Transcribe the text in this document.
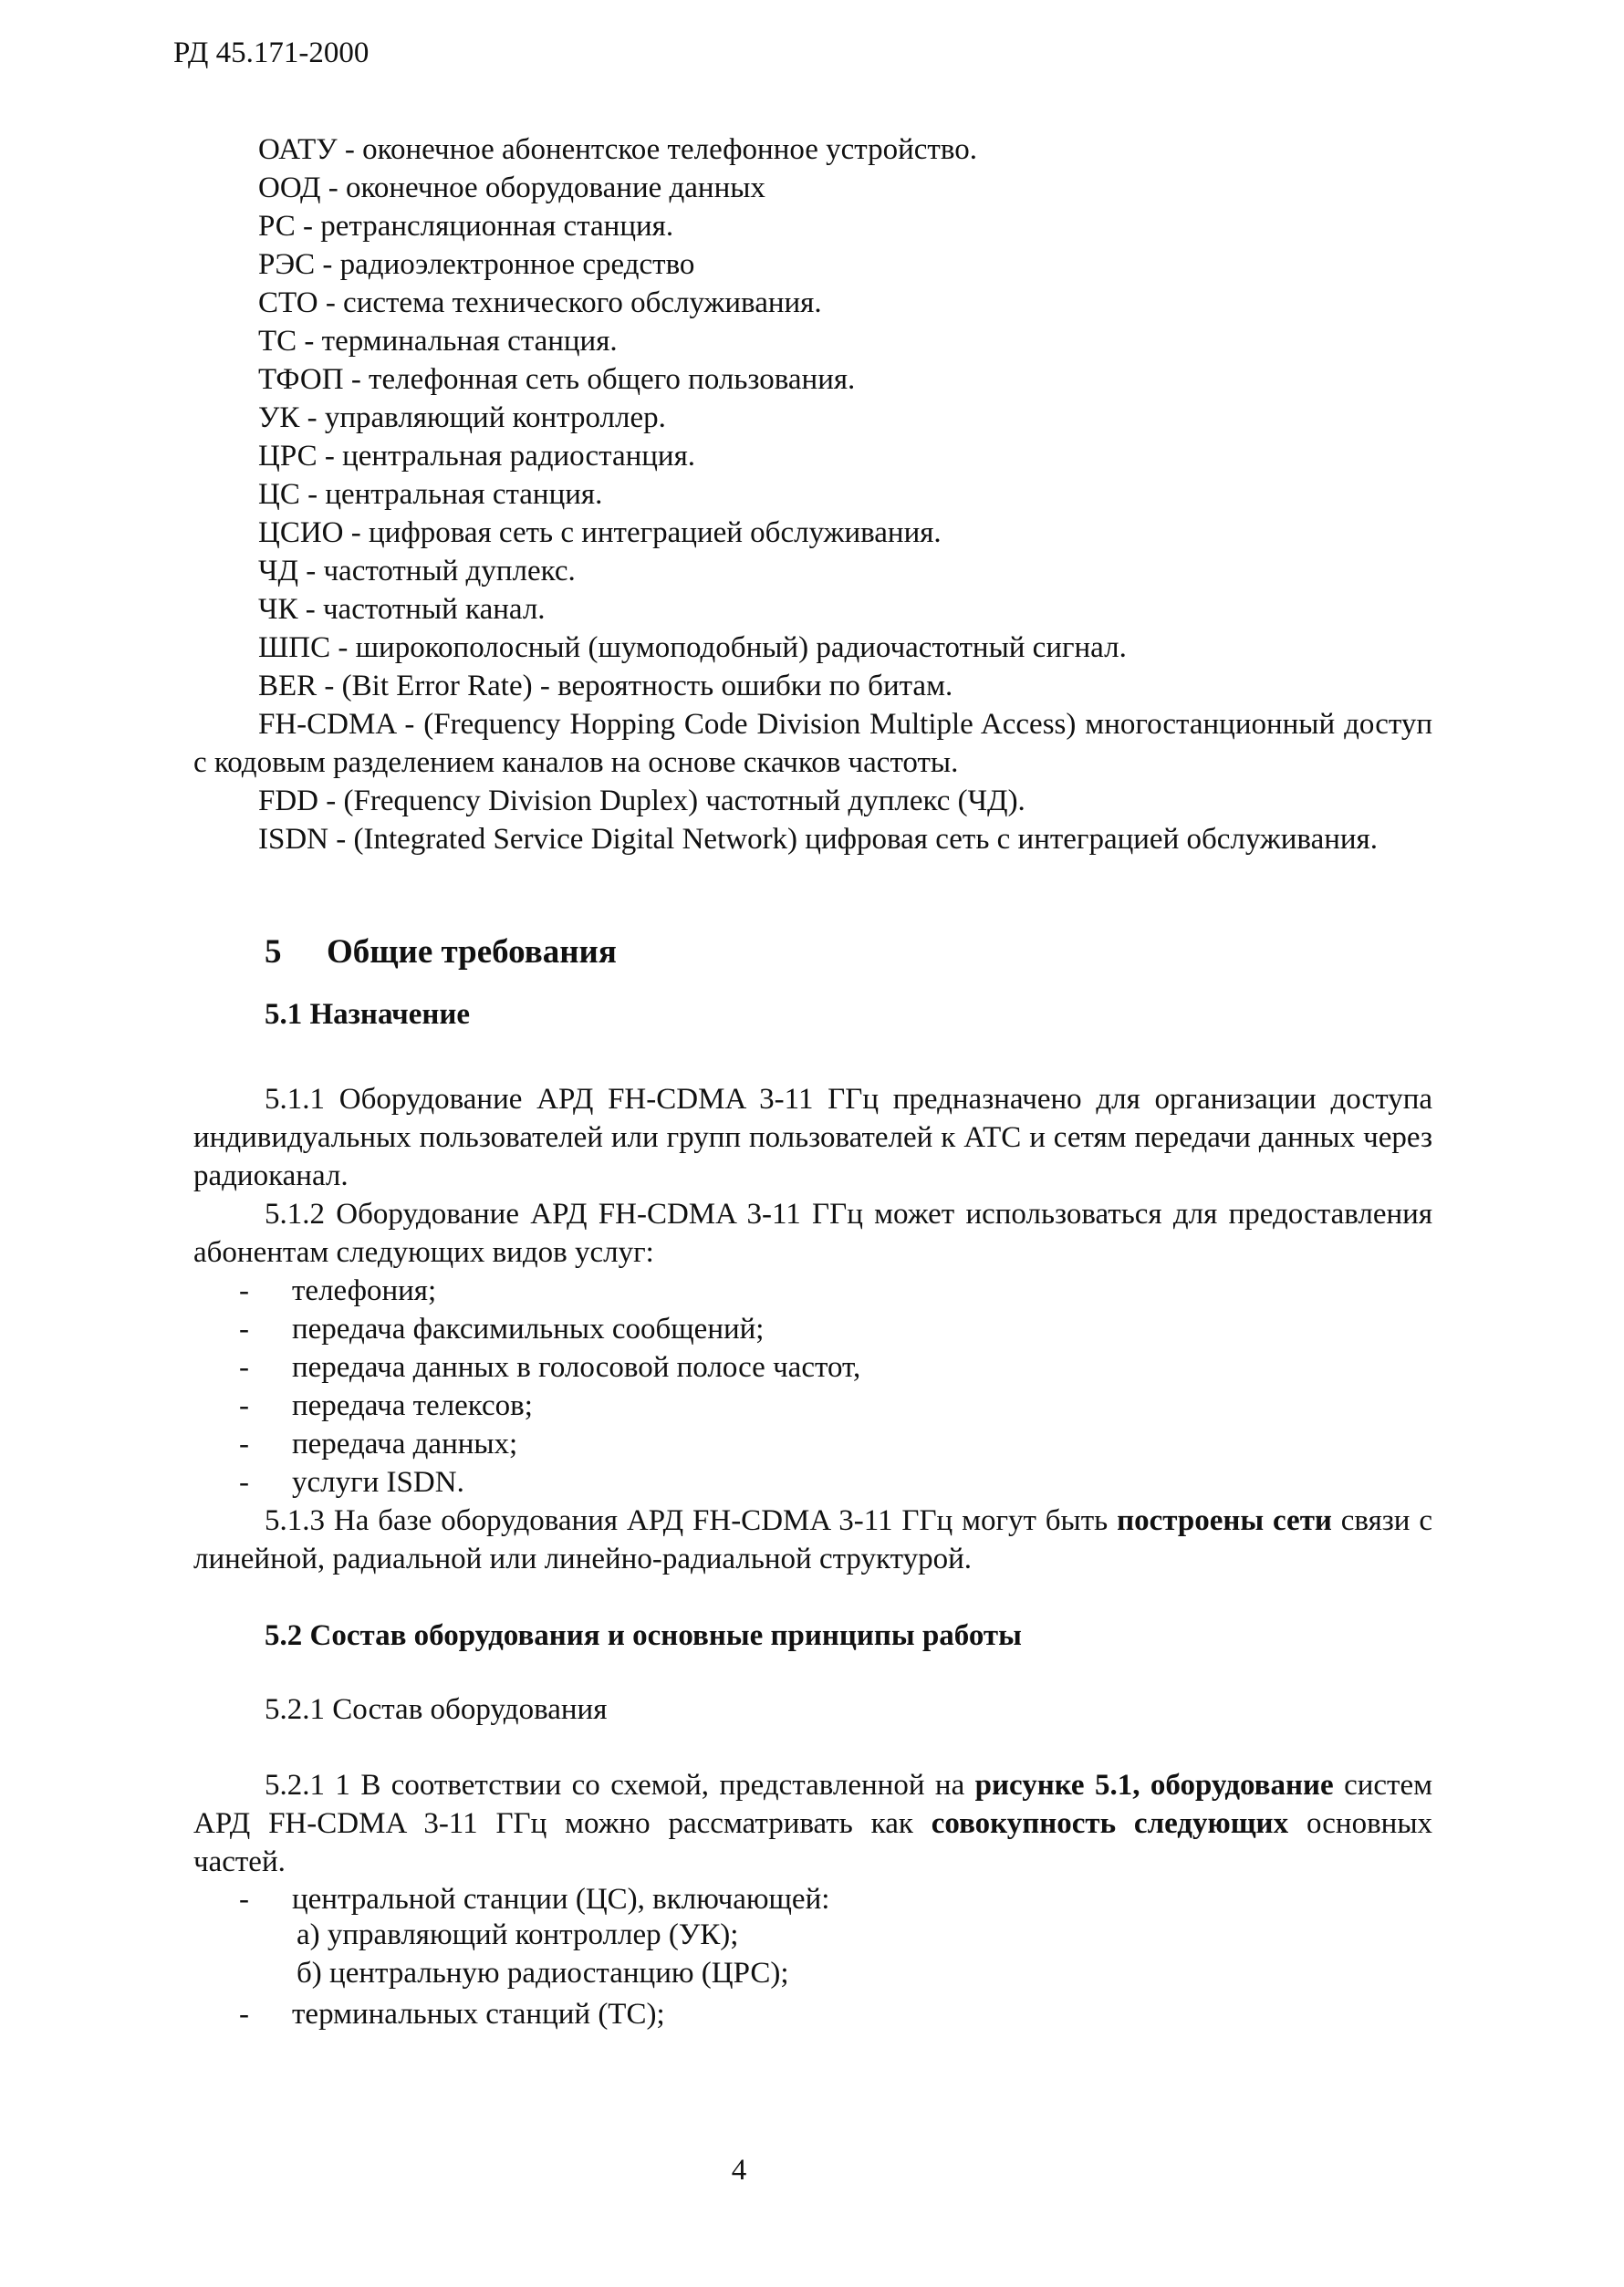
РД 45.171-2000
ОАТУ - оконечное абонентское телефонное устройство.
ООД - оконечное оборудование данных
РС - ретрансляционная станция.
РЭС - радиоэлектронное средство
СТО - система технического обслуживания.
ТС - терминальная станция.
ТФОП - телефонная сеть общего пользования.
УК - управляющий контроллер.
ЦРС - центральная радиостанция.
ЦС - центральная станция.
ЦСИО - цифровая сеть с интеграцией обслуживания.
ЧД - частотный дуплекс.
ЧК - частотный канал.
ШПС - широкополосный (шумоподобный) радиочастотный сигнал.
BER - (Bit Error Rate) - вероятность ошибки по битам.
FH-CDMA - (Frequency Hopping Code Division Multiple Access) многостанционный доступ с кодовым разделением каналов на основе скачков частоты.
FDD - (Frequency Division Duplex) частотный дуплекс (ЧД).
ISDN - (Integrated Service Digital Network) цифровая сеть с интеграцией обслуживания.
5 Общие требования
5.1 Назначение
5.1.1 Оборудование АРД FH-CDMA 3-11 ГГц предназначено для организации доступа индивидуальных пользователей или групп пользователей к АТС и сетям передачи данных через радиоканал.
5.1.2 Оборудование АРД FH-CDMA 3-11 ГГц может использоваться для предоставления абонентам следующих видов услуг:
- телефония;
- передача факсимильных сообщений;
- передача данных в голосовой полосе частот,
- передача телексов;
- передача данных;
- услуги ISDN.
5.1.3 На базе оборудования АРД FH-CDMA 3-11 ГГц могут быть построены сети связи с линейной, радиальной или линейно-радиальной структурой.
5.2 Состав оборудования и основные принципы работы
5.2.1 Состав оборудования
5.2.1 1 В соответствии со схемой, представленной на рисунке 5.1, оборудование систем АРД FH-CDMA 3-11 ГГц можно рассматривать как совокупность следующих основных частей.
- центральной станции (ЦС), включающей:
а) управляющий контроллер (УК);
б) центральную радиостанцию (ЦРС);
- терминальных станций (ТС);
4
